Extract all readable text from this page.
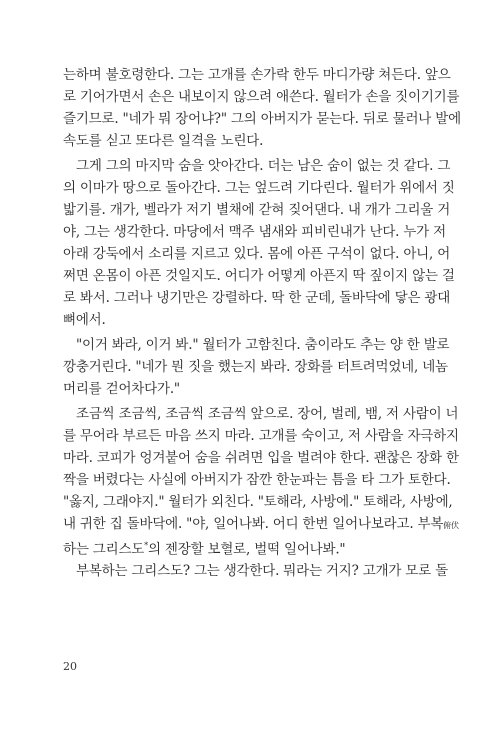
는하며 불호령한다. 그는 고개를 손가락 한두 마디가량 쳐든다. 앞으
로 기어가면서 손은 내보이지 않으려 애쓴다. 월터가 손을 짓이기기를
즐기므로. "네가 뭐 장어냐?" 그의 아버지가 묻는다. 뒤로 물러나 발에
속도를 싣고 또다른 일격을 노린다.
그게 그의 마지막 숨을 앗아간다. 더는 남은 숨이 없는 것 같다. 그
의 이마가 땅으로 돌아간다. 그는 엎드려 기다린다. 월터가 위에서 짓
밟기를. 개가, 벨라가 저기 별채에 갇혀 짖어댄다. 내 개가 그리울 거
야, 그는 생각한다. 마당에서 맥주 냄새와 피비린내가 난다. 누가 저
아래 강둑에서 소리를 지르고 있다. 몸에 아픈 구석이 없다. 아니, 어
쩌면 온몸이 아픈 것일지도. 어디가 어떻게 아픈지 딱 짚이지 않는 걸
로 봐서. 그러나 냉기만은 강렬하다. 딱 한 군데, 돌바닥에 닿은 광대
뼈에서.
"이거 봐라, 이거 봐." 월터가 고함친다. 춤이라도 추는 양 한 발로
깡충거린다. "네가 뭔 짓을 했는지 봐라. 장화를 터트려먹었네, 네놈
머리를 걷어차다가."
조금씩 조금씩, 조금씩 조금씩 앞으로. 장어, 벌레, 뱀, 저 사람이 너
를 무어라 부르든 마음 쓰지 마라. 고개를 숙이고, 저 사람을 자극하지
마라. 코피가 엉겨붙어 숨을 쉬려면 입을 벌려야 한다. 괜찮은 장화 한
짝을 버렸다는 사실에 아버지가 잠깐 한눈파는 틈을 타 그가 토한다.
"옳지, 그래야지." 월터가 외친다. "토해라, 사방에." 토해라, 사방에,
내 귀한 집 돌바닥에. "야, 일어나봐. 어디 한번 일어나보라고. 부복俯伏
하는 그리스도*의 젠장할 보혈로, 벌떡 일어나봐."
부복하는 그리스도? 그는 생각한다. 뭐라는 거지? 고개가 모로 돌
20
